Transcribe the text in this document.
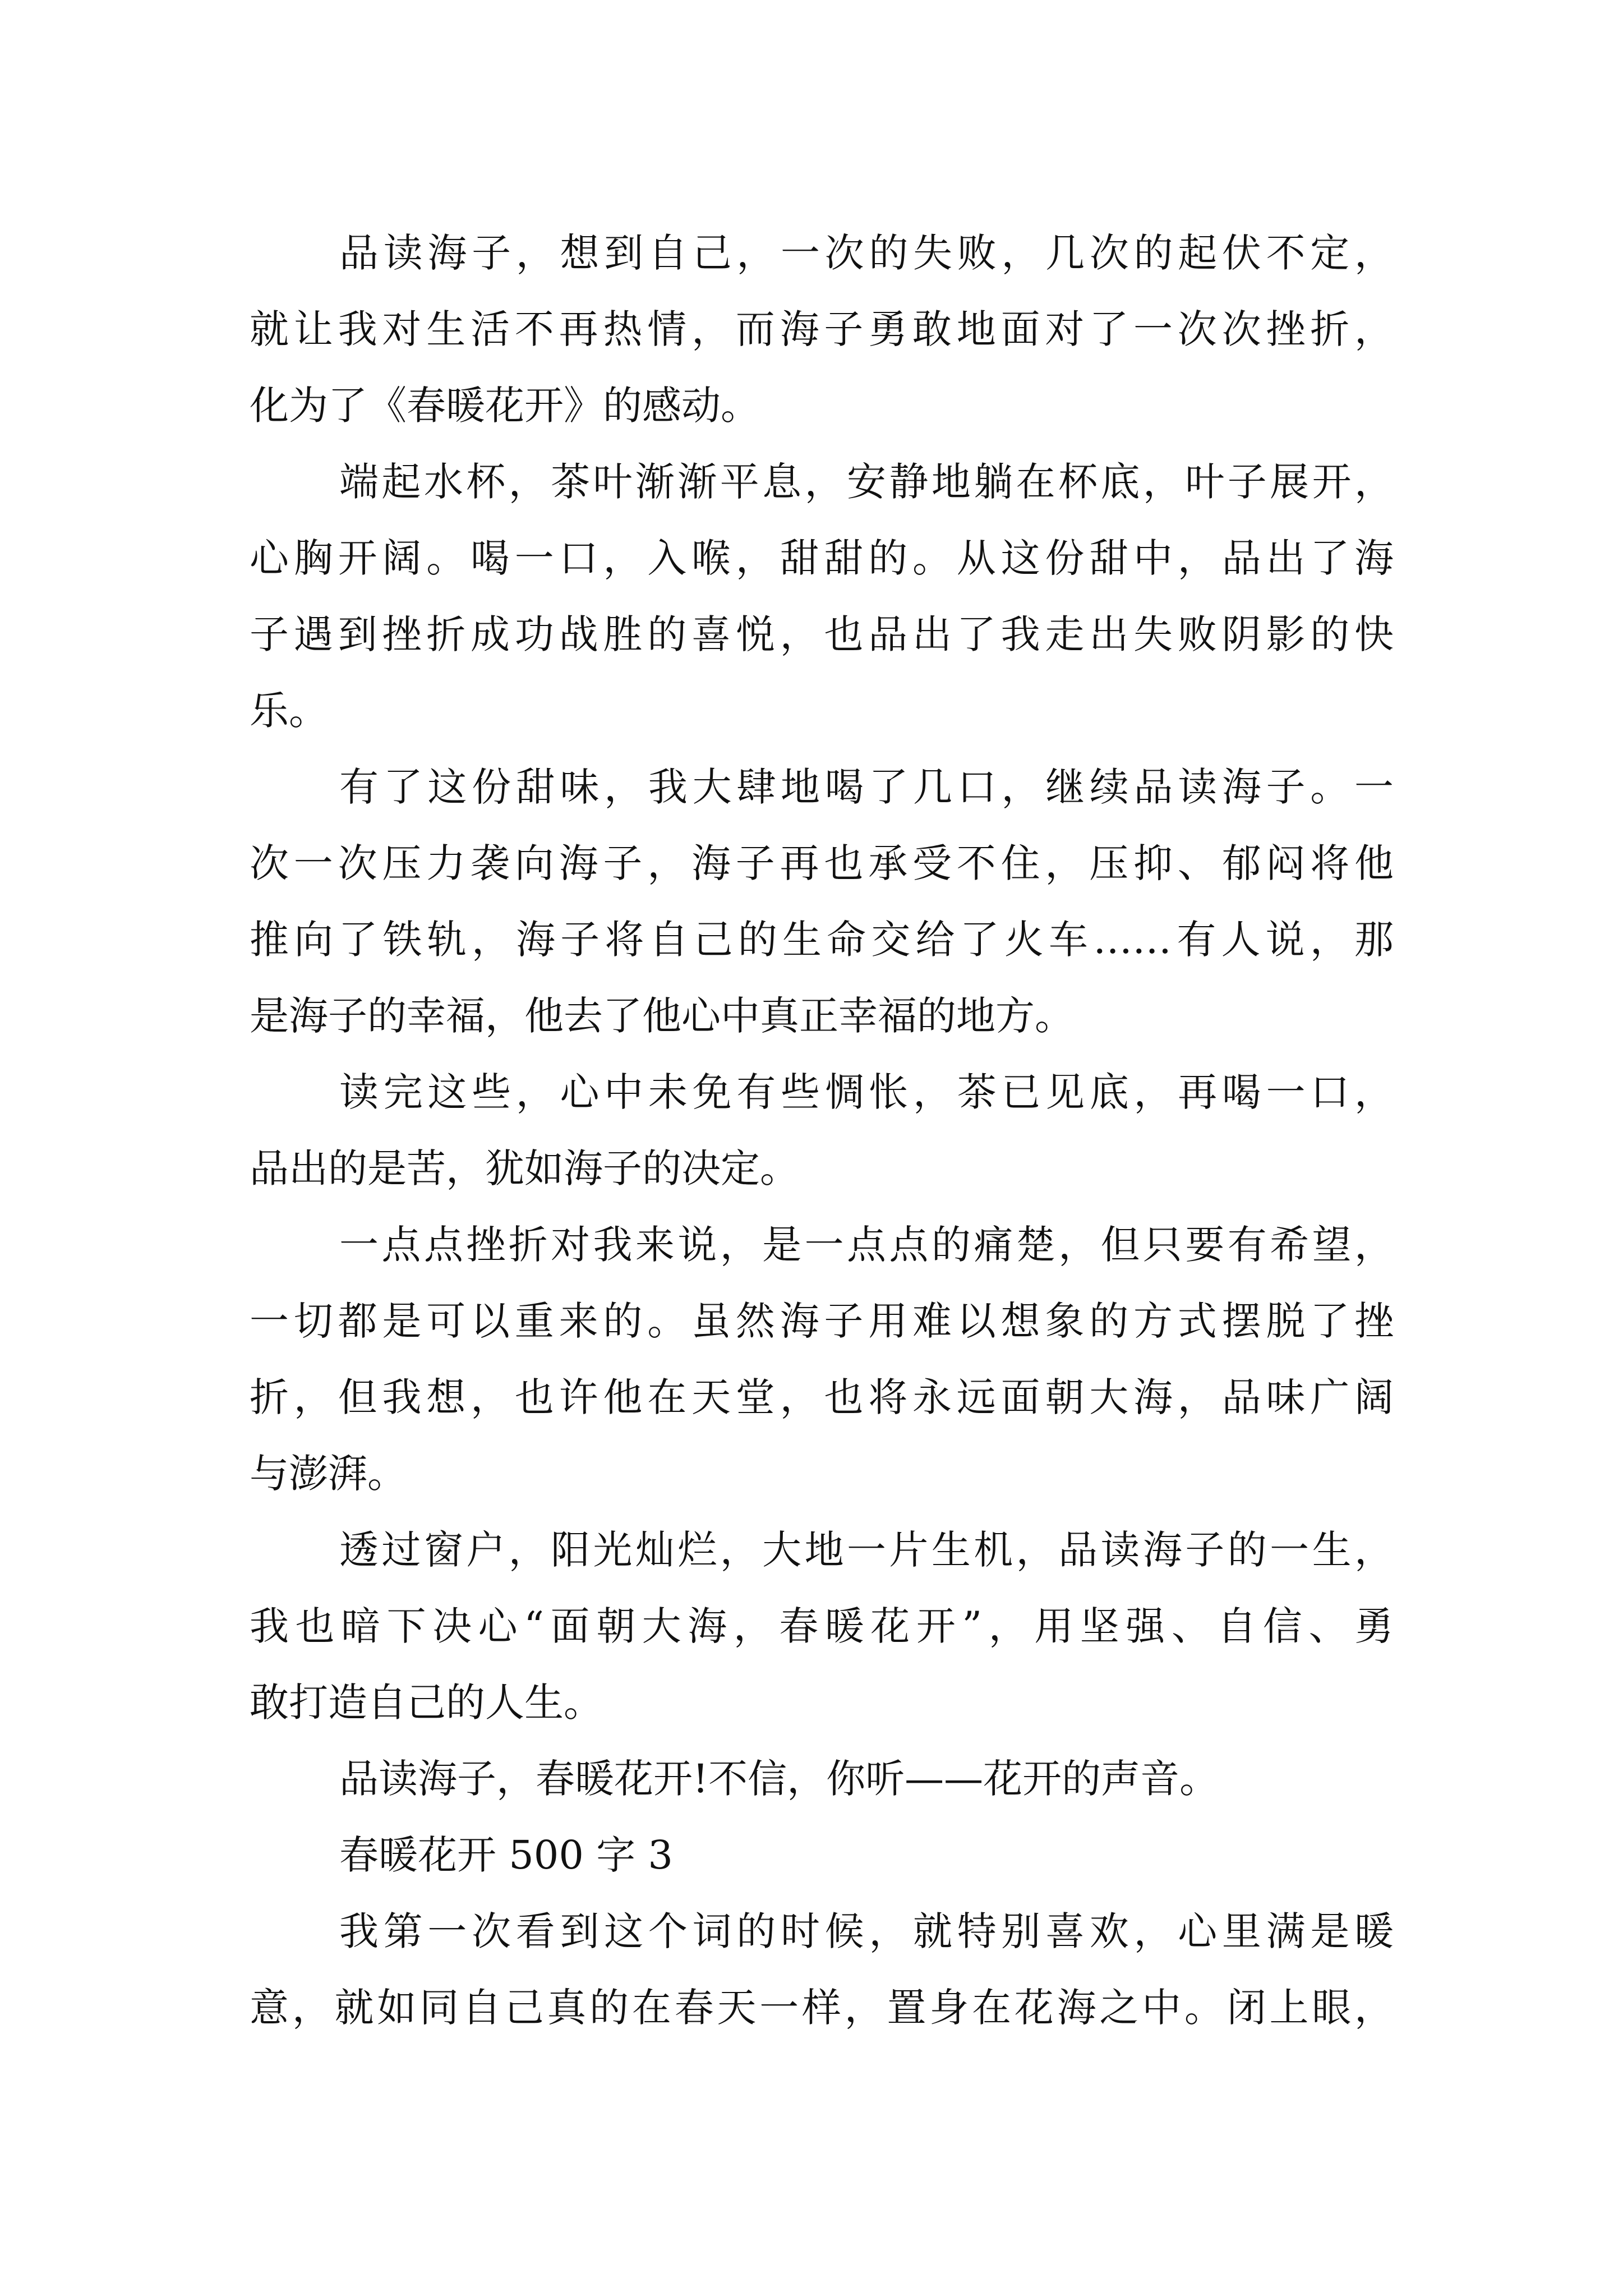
品读海子，想到自己，一次的失败，几次的起伏不定，
就让我对生活不再热情，而海子勇敢地面对了一次次挫折，
化为了《春暖花开》的感动。
端起水杯，茶叶渐渐平息，安静地躺在杯底，叶子展开，
心胸开阔。喝一口，入喉，甜甜的。从这份甜中，品出了海
子遇到挫折成功战胜的喜悦，也品出了我走出失败阴影的快
乐。
有了这份甜味，我大肆地喝了几口，继续品读海子。一
次一次压力袭向海子，海子再也承受不住，压抑、郁闷将他
推向了铁轨，海子将自己的生命交给了火车……有人说，那
是海子的幸福，他去了他心中真正幸福的地方。
读完这些，心中未免有些惆怅，茶已见底，再喝一口，
品出的是苦，犹如海子的决定。
一点点挫折对我来说，是一点点的痛楚，但只要有希望，
一切都是可以重来的。虽然海子用难以想象的方式摆脱了挫
折，但我想，也许他在天堂，也将永远面朝大海，品味广阔
与澎湃。
透过窗户，阳光灿烂，大地一片生机，品读海子的一生，
我也暗下决心“面朝大海，春暖花开”，用坚强、自信、勇
敢打造自己的人生。
品读海子，春暖花开!不信，你听——花开的声音。
春暖花开 500 字 3
我第一次看到这个词的时候，就特别喜欢，心里满是暖
意，就如同自己真的在春天一样，置身在花海之中。闭上眼，
